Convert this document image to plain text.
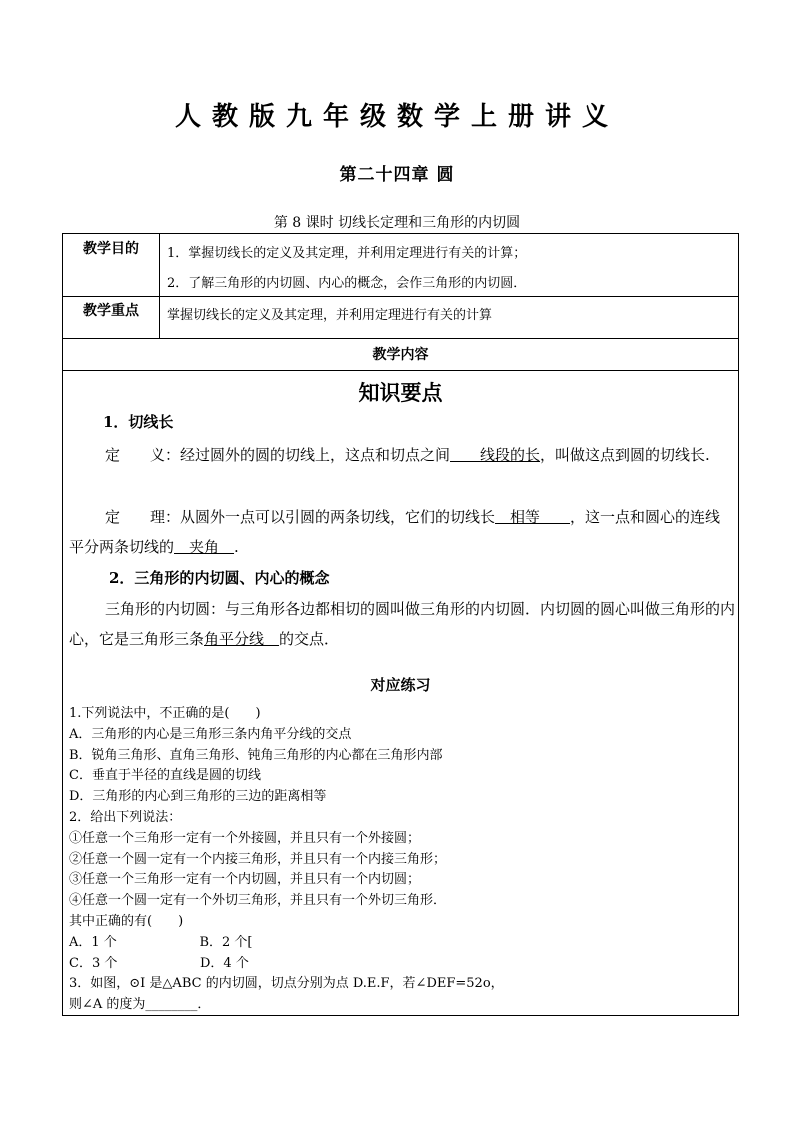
人教版九年级数学上册讲义
第二十四章 圆
第 8 课时 切线长定理和三角形的内切圆
教学目的	1．掌握切线长的定义及其定理，并利用定理进行有关的计算；
2．了解三角形的内切圆、内心的概念，会作三角形的内切圆．
教学重点	掌握切线长的定义及其定理，并利用定理进行有关的计算
教学内容
知识要点
1．切线长
定　　义：经过圆外的圆的切线上，这点和切点之间　　线段的长，叫做这点到圆的切线长.
定　　理：从圆外一点可以引圆的两条切线，它们的切线长　相等　　，这一点和圆心的连线平分两条切线的　夹角　.
2．三角形的内切圆、内心的概念
三角形的内切圆：与三角形各边都相切的圆叫做三角形的内切圆．内切圆的圆心叫做三角形的内心，它是三角形三条角平分线　的交点．
对应练习
1.下列说法中，不正确的是(　　)
A．三角形的内心是三角形三条内角平分线的交点
B．锐角三角形、直角三角形、钝角三角形的内心都在三角形内部
C．垂直于半径的直线是圆的切线
D．三角形的内心到三角形的三边的距离相等
2．给出下列说法：
①任意一个三角形一定有一个外接圆，并且只有一个外接圆；
②任意一个圆一定有一个内接三角形，并且只有一个内接三角形；
③任意一个三角形一定有一个内切圆，并且只有一个内切圆；
④任意一个圆一定有一个外切三角形，并且只有一个外切三角形．
其中正确的有(　　)
A．1 个                    B．2 个[
C．3 个                    D．4 个
3．如图，⊙I 是△ABC 的内切圆，切点分别为点 D.E.F，若∠DEF=52o，
则∠A 的度为________．
